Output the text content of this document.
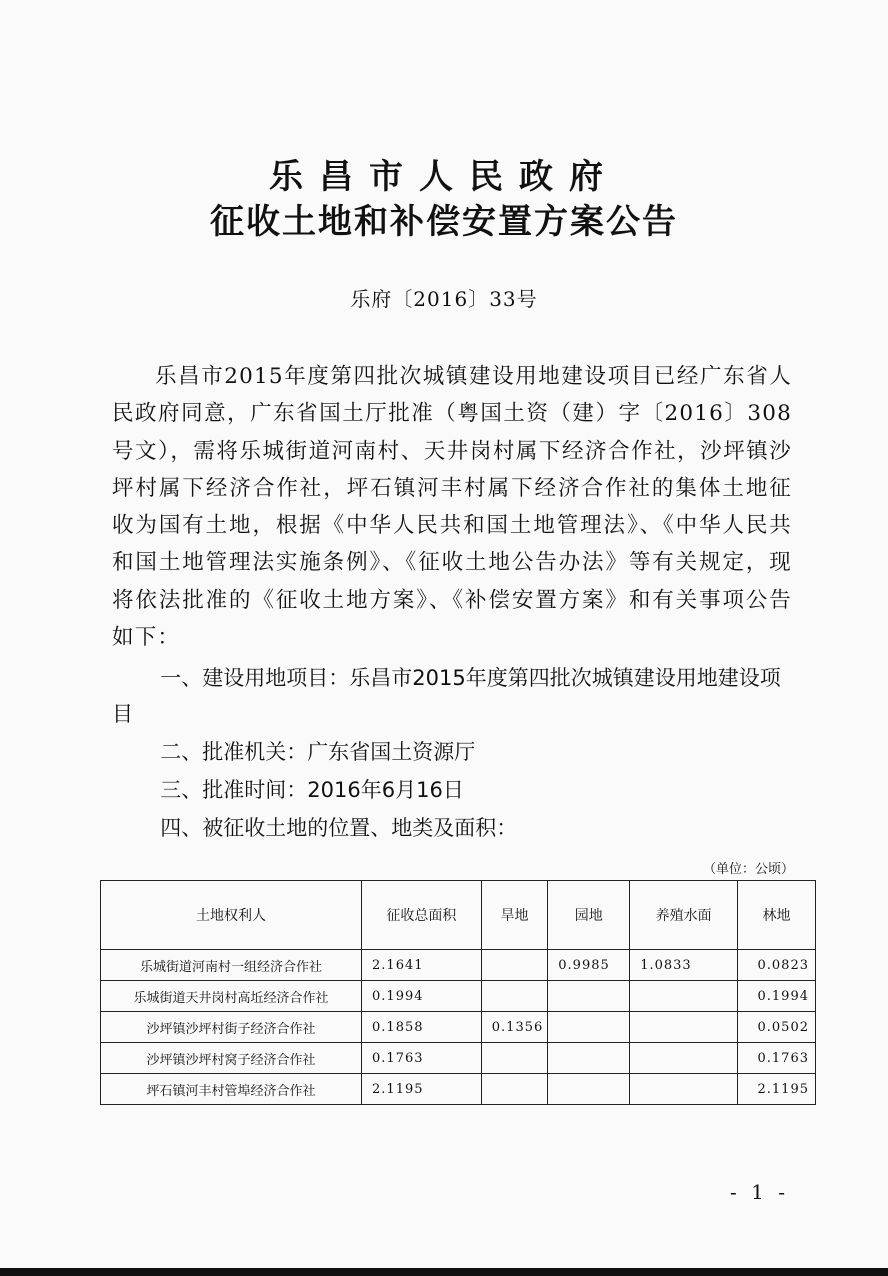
乐昌市人民政府
征收土地和补偿安置方案公告
乐府〔2016〕33号
乐昌市2015年度第四批次城镇建设用地建设项目已经广东省人民政府同意，广东省国土厅批准（粤国土资（建）字〔2016〕308号文），需将乐城街道河南村、天井岗村属下经济合作社，沙坪镇沙坪村属下经济合作社，坪石镇河丰村属下经济合作社的集体土地征收为国有土地，根据《中华人民共和国土地管理法》、《中华人民共和国土地管理法实施条例》、《征收土地公告办法》等有关规定，现将依法批准的《征收土地方案》、《补偿安置方案》和有关事项公告如下：
一、建设用地项目：乐昌市2015年度第四批次城镇建设用地建设项目
二、批准机关：广东省国土资源厅
三、批准时间：2016年6月16日
四、被征收土地的位置、地类及面积：
（单位：公顷）
土地权利人	征收总面积	旱地	园地	养殖水面	林地
乐城街道河南村一组经济合作社	2.1641		0.9985	1.0833	0.0823
乐城街道天井岗村高坵经济合作社	0.1994				0.1994
沙坪镇沙坪村街子经济合作社	0.1858	0.1356			0.0502
沙坪镇沙坪村窝子经济合作社	0.1763				0.1763
坪石镇河丰村管埠经济合作社	2.1195				2.1195
- 1 -
